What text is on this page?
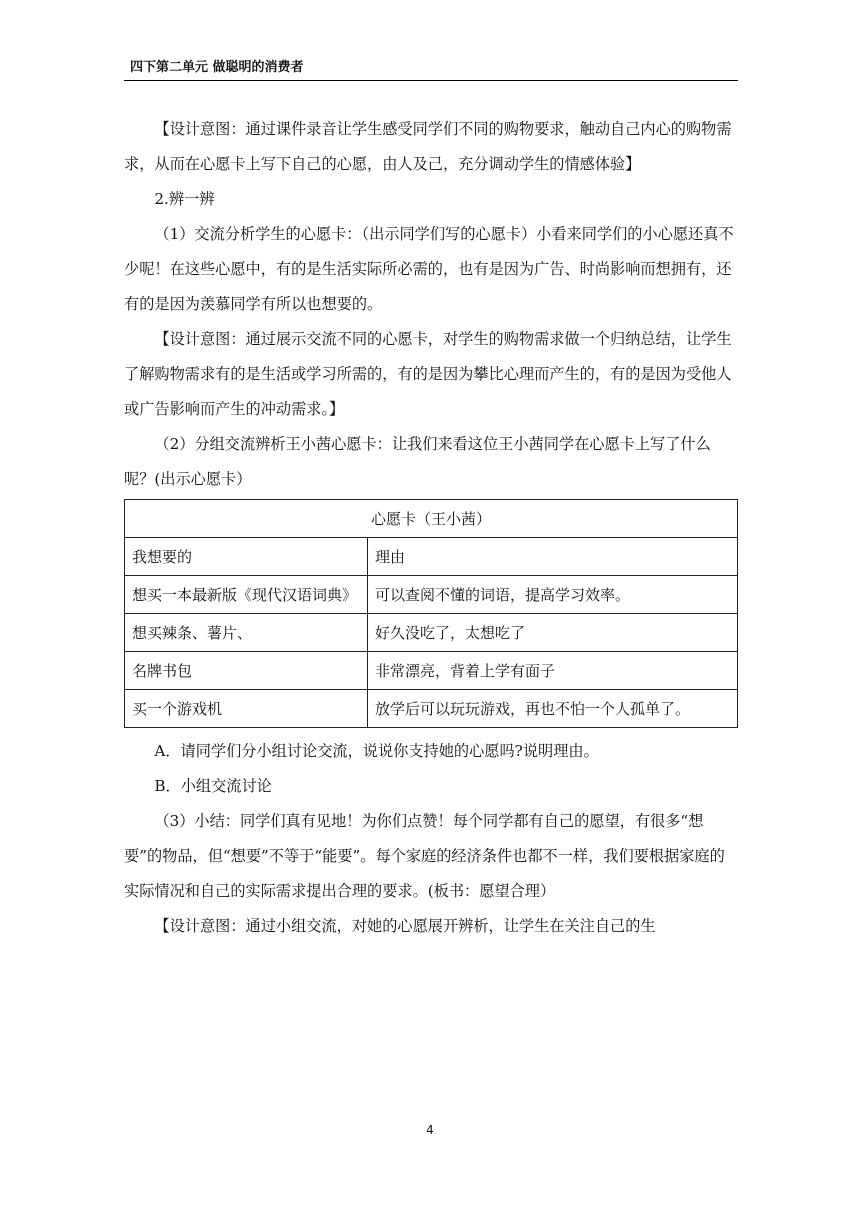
四下第二单元 做聪明的消费者

【设计意图：通过课件录音让学生感受同学们不同的购物要求，触动自己内心的购物需求，从而在心愿卡上写下自己的心愿，由人及己，充分调动学生的情感体验】

2.辨一辨

（1）交流分析学生的心愿卡：（出示同学们写的心愿卡）小看来同学们的小心愿还真不少呢！在这些心愿中，有的是生活实际所必需的，也有是因为广告、时尚影响而想拥有，还有的是因为羡慕同学有所以也想要的。

【设计意图：通过展示交流不同的心愿卡，对学生的购物需求做一个归纳总结，让学生了解购物需求有的是生活或学习所需的，有的是因为攀比心理而产生的，有的是因为受他人或广告影响而产生的冲动需求。】

（2）分组交流辨析王小茜心愿卡：让我们来看这位王小茜同学在心愿卡上写了什么呢？(出示心愿卡）

心愿卡（王小茜）	
我想要的	理由
想买一本最新版《现代汉语词典》	可以查阅不懂的词语，提高学习效率。
想买辣条、薯片、	好久没吃了，太想吃了
名牌书包	非常漂亮，背着上学有面子
买一个游戏机	放学后可以玩玩游戏，再也不怕一个人孤单了。

A．请同学们分小组讨论交流，说说你支持她的心愿吗?说明理由。

B．小组交流讨论

（3）小结：同学们真有见地！为你们点赞！每个同学都有自己的愿望，有很多“想要”的物品，但“想要”不等于“能要”。每个家庭的经济条件也都不一样，我们要根据家庭的实际情况和自己的实际需求提出合理的要求。(板书：愿望合理）

【设计意图：通过小组交流，对她的心愿展开辨析，让学生在关注自己的生

4
